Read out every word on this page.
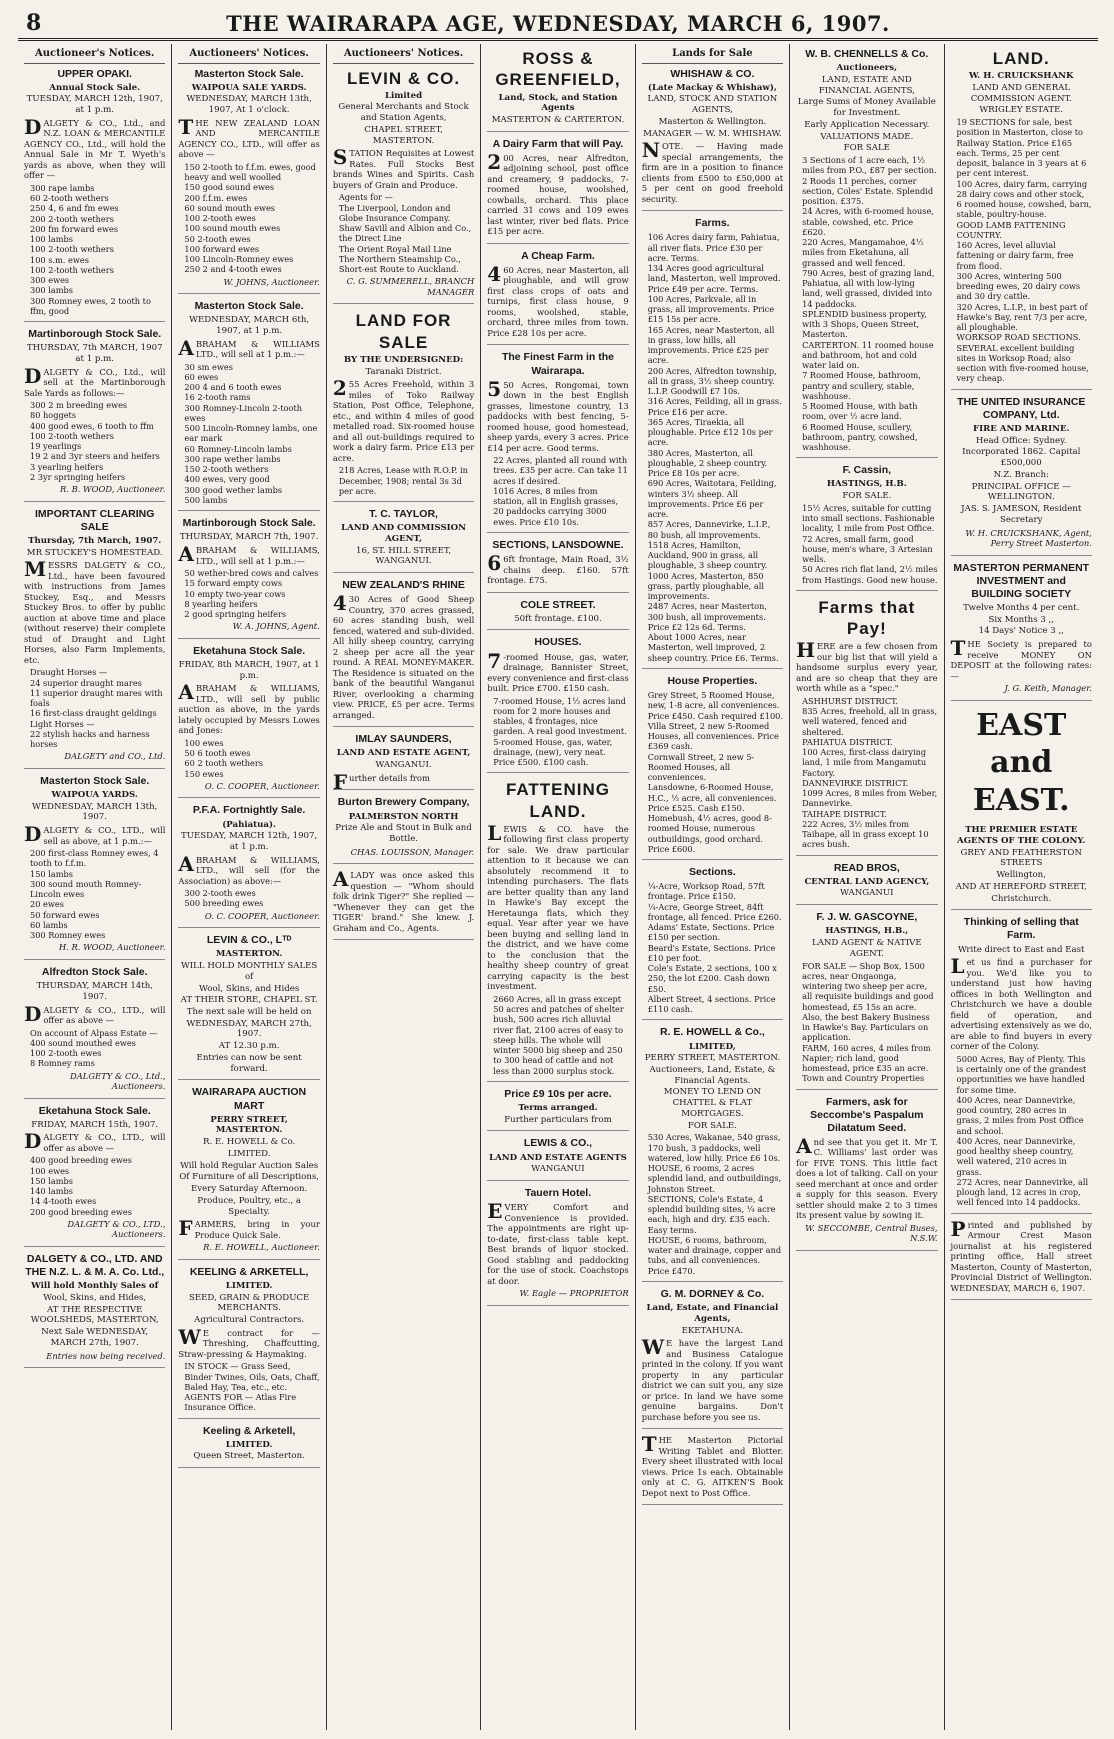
8	THE WAIRARAPA AGE, WEDNESDAY, MARCH 6, 1907.
Auctioneer's Notices.
UPPER OPAKI.
Annual Stock Sale.
TUESDAY, MARCH 12th, 1907, at 1 p.m.
DALGETY & CO., Ltd., and N.Z. LOAN & MERCANTILE AGENCY CO., Ltd., will hold the Annual Sale in Mr T. Wyeth's yards as above, when they will offer —
300 rape lambs
60 2-tooth wethers
250 4, 6 and fm ewes
200 2-tooth wethers
200 fm forward ewes
100 lambs
100 2-tooth wethers
100 s.m. ewes
100 2-tooth wethers
300 ewes
300 lambs
300 Romney ewes, 2 tooth to ffm, good
Martinborough Stock Sale.
THURSDAY, 7th MARCH, 1907 at 1 p.m.
DALGETY & CO., Ltd., will sell at the Martinborough Sale Yards as follows:—
300 2 m breeding ewes
80 hoggets
400 good ewes, 6 tooth to ffm
100 2-tooth wethers
19 yearlings
19 2 and 3yr steers and heifers
3 yearling heifers
2 3yr springing heifers
R. B. WOOD, Auctioneer.
IMPORTANT CLEARING SALE
Thursday, 7th March, 1907.
MR STUCKEY'S HOMESTEAD.
MESSRS DALGETY & CO., Ltd., have been favoured with instructions from James Stuckey, Esq., and Messrs Stuckey Bros. to offer by public auction at above time and place (without reserve) their complete stud of Draught and Light Horses, also Farm Implements, etc.
Draught Horses —
24 superior draught mares
11 superior draught mares with foals
16 first-class draught geldings
Light Horses —
22 stylish hacks and harness horses
DALGETY and CO., Ltd.
Masterton Stock Sale.
WAIPOUA YARDS.
WEDNESDAY, MARCH 13th, 1907.
DALGETY & CO., LTD., will sell as above, at 1 p.m.:—
200 first-class Romney ewes, 4 tooth to f.f.m.
150 lambs
300 sound mouth Romney-Lincoln ewes
20 ewes
50 forward ewes
60 lambs
300 Romney ewes
H. R. WOOD, Auctioneer.
Alfredton Stock Sale.
THURSDAY, MARCH 14th, 1907.
DALGETY & CO., LTD., will offer as above —
On account of Alpass Estate —
400 sound mouthed ewes
100 2-tooth ewes
8 Romney rams
DALGETY & CO., Ltd., Auctioneers.
Eketahuna Stock Sale.
FRIDAY, MARCH 15th, 1907.
DALGETY & CO., LTD., will offer as above —
400 good breeding ewes
100 ewes
150 lambs
140 lambs
14 4-tooth ewes
200 good breeding ewes
DALGETY & CO., LTD., Auctioneers.
DALGETY & CO., LTD. AND THE N.Z. L. & M. A. Co. Ltd.,
Will hold Monthly Sales of
Wool, Skins, and Hides,
AT THE RESPECTIVE WOOLSHEDS, MASTERTON,
Next Sale WEDNESDAY, MARCH 27th, 1907.
Entries now being received.
Auctioneers' Notices.
Masterton Stock Sale.
WAIPOUA SALE YARDS.
WEDNESDAY, MARCH 13th, 1907, At 1 o'clock.
THE NEW ZEALAND LOAN AND MERCANTILE AGENCY CO., LTD., will offer as above —
150 2-tooth to f.f.m. ewes, good heavy and well woolled
150 good sound ewes
200 f.f.m. ewes
60 sound mouth ewes
100 2-tooth ewes
100 sound mouth ewes
50 2-tooth ewes
100 forward ewes
100 Lincoln-Romney ewes
250 2 and 4-tooth ewes
W. JOHNS, Auctioneer.
Masterton Stock Sale.
WEDNESDAY, MARCH 6th, 1907, at 1 p.m.
ABRAHAM & WILLIAMS LTD., will sell at 1 p.m.:—
30 sm ewes
60 ewes
200 4 and 6 tooth ewes
16 2-tooth rams
300 Romney-Lincoln 2-tooth ewes
500 Lincoln-Romney lambs, one ear mark
60 Romney-Lincoln lambs
300 rape wether lambs
150 2-tooth wethers
400 ewes, very good
300 good wether lambs
500 lambs
Martinborough Stock Sale.
THURSDAY, MARCH 7th, 1907.
ABRAHAM & WILLIAMS, LTD., will sell at 1 p.m.:—
50 wether-bred cows and calves
15 forward empty cows
10 empty two-year cows
8 yearling heifers
2 good springing heifers
W. A. JOHNS, Agent.
Eketahuna Stock Sale.
FRIDAY, 8th MARCH, 1907, at 1 p.m.
ABRAHAM & WILLIAMS, LTD., will sell by public auction as above, in the yards lately occupied by Messrs Lowes and Jones:
100 ewes
50 6 tooth ewes
60 2 tooth wethers
150 ewes
O. C. COOPER, Auctioneer.
P.F.A. Fortnightly Sale.
(Pahiatua).
TUESDAY, MARCH 12th, 1907, at 1 p.m.
ABRAHAM & WILLIAMS, LTD., will sell (for the Association) as above:—
300 2-tooth ewes
500 breeding ewes
O. C. COOPER, Auctioneer.
LEVIN & CO., Lᵀᴰ
MASTERTON.
WILL HOLD MONTHLY SALES of
Wool, Skins, and Hides
AT THEIR STORE, CHAPEL ST.
The next sale will be held on
WEDNESDAY, MARCH 27th, 1907.
AT 12.30 p.m.
Entries can now be sent forward.
WAIRARAPA AUCTION MART
PERRY STREET, MASTERTON.
R. E. HOWELL & Co.
LIMITED.
Will hold Regular Auction Sales
Of Furniture of all Descriptions,
Every Saturday Afternoon.
Produce, Poultry, etc., a Specialty.
FARMERS, bring in your Produce Quick Sale.
R. E. HOWELL, Auctioneer.
KEELING & ARKETELL,
LIMITED.
SEED, GRAIN & PRODUCE MERCHANTS.
Agricultural Contractors.
WE contract for — Threshing, Chaffcutting, Straw-pressing & Haymaking.
IN STOCK — Grass Seed, Binder Twines, Oils, Oats, Chaff, Baled Hay, Tea, etc., etc.
AGENTS FOR — Atlas Fire Insurance Office.
Keeling & Arketell,
LIMITED.
Queen Street, Masterton.
Auctioneers' Notices.
LEVIN & CO.
Limited
General Merchants and Stock and Station Agents,
CHAPEL STREET, MASTERTON.
STATION Requisites at Lowest Rates. Full Stocks Best brands Wines and Spirits. Cash buyers of Grain and Produce.
Agents for —
The Liverpool, London and Globe Insurance Company.
Shaw Savill and Albion and Co., the Direct Line
The Orient Royal Mail Line
The Northern Steamship Co., Short-est Route to Auckland.
C. G. SUMMERELL, BRANCH MANAGER
LAND FOR SALE
BY THE UNDERSIGNED:
Taranaki District.
255 Acres Freehold, within 3 miles of Toko Railway Station, Post Office, Telephone, etc., and within 4 miles of good metalled road. Six-roomed house and all out-buildings required to work a dairy farm. Price £13 per acre.
218 Acres, Lease with R.O.P. in December, 1908; rental 3s 3d per acre.
T. C. TAYLOR,
LAND AND COMMISSION AGENT,
16, ST. HILL STREET, WANGANUI.
NEW ZEALAND'S RHINE
430 Acres of Good Sheep Country, 370 acres grassed, 60 acres standing bush, well fenced, watered and sub-divided. All hilly sheep country, carrying 2 sheep per acre all the year round. A REAL MONEY-MAKER. The Residence is situated on the bank of the beautiful Wanganui River, overlooking a charming view. PRICE, £5 per acre. Terms arranged.
IMLAY SAUNDERS,
LAND AND ESTATE AGENT,
WANGANUI.
Further details from
Burton Brewery Company,
PALMERSTON NORTH
Prize Ale and Stout in Bulk and Bottle.
CHAS. LOUISSON, Manager.
ALADY was once asked this question — "Whom should folk drink Tiger?" She replied — "Whenever they can get the TIGER' brand." She knew. J. Graham and Co., Agents.
ROSS & GREENFIELD,
Land, Stock, and Station Agents
MASTERTON & CARTERTON.
A Dairy Farm that will Pay.
200 Acres, near Alfredton, adjoining school, post office and creamery, 9 paddocks, 7-roomed house, woolshed, cowbails, orchard. This place carried 31 cows and 109 ewes last winter, river bed flats. Price £15 per acre.
A Cheap Farm.
460 Acres, near Masterton, all ploughable, and will grow first class crops of oats and turnips, first class house, 9 rooms, woolshed, stable, orchard, three miles from town. Price £28 10s per acre.
The Finest Farm in the Wairarapa.
550 Acres, Rongomai, town down in the best English grasses, limestone country, 13 paddocks with best fencing, 5-roomed house, good homestead, sheep yards, every 3 acres. Price £14 per acre. Good terms.
22 Acres, planted all round with trees. £35 per acre. Can take 11 acres if desired.
1016 Acres, 8 miles from station, all in English grasses, 20 paddocks carrying 3000 ewes. Price £10 10s.
SECTIONS, LANSDOWNE.
66ft frontage, Main Road, 3½ chains deep. £160. 57ft frontage. £75.
COLE STREET.
50ft frontage. £100.
HOUSES.
7-roomed House, gas, water, drainage, Bannister Street, every convenience and first-class built. Price £700. £150 cash.
7-roomed House, 1½ acres land room for 2 more houses and stables, 4 frontages, nice garden. A real good investment.
5-roomed House, gas, water, drainage, (new), very neat. Price £500. £100 cash.
FATTENING LAND.
LEWIS & CO. have the following first class property for sale. We draw particular attention to it because we can absolutely recommend it to intending purchasers. The flats are better quality than any land in Hawke's Bay except the Heretaunga flats, which they equal. Year after year we have been buying and selling land in the district, and we have come to the conclusion that the healthy sheep country of great carrying capacity is the best investment.
2660 Acres, all in grass except 50 acres and patches of shelter bush, 500 acres rich alluvial river flat, 2100 acres of easy to steep hills. The whole will winter 5000 big sheep and 250 to 300 head of cattle and not less than 2000 surplus stock.
Price £9 10s per acre.
Terms arranged.
Further particulars from
LEWIS & CO.,
LAND AND ESTATE AGENTS
WANGANUI
Tauern Hotel.
EVERY Comfort and Convenience is provided. The appointments are right up-to-date, first-class table kept. Best brands of liquor stocked. Good stabling and paddocking for the use of stock. Coachstops at door.
W. Eagle — PROPRIETOR
Lands for Sale
WHISHAW & CO.
(Late Mackay & Whishaw),
LAND, STOCK AND STATION AGENTS,
Masterton & Wellington.
MANAGER — W. M. WHISHAW.
NOTE. — Having made special arrangements, the firm are in a position to finance clients from £500 to £50,000 at 5 per cent on good freehold security.
Farms.
106 Acres dairy farm, Pahiatua, all river flats. Price £30 per acre. Terms.
134 Acres good agricultural land, Masterton, well improved. Price £49 per acre. Terms.
100 Acres, Parkvale, all in grass, all improvements. Price £15 15s per acre.
165 Acres, near Masterton, all in grass, low hills, all improvements. Price £25 per acre.
200 Acres, Alfredton township, all in grass, 3½ sheep country. L.I.P. Goodwill £7 10s.
316 Acres, Feilding, all in grass. Price £16 per acre.
365 Acres, Tiraekia, all ploughable. Price £12 10s per acre.
380 Acres, Masterton, all ploughable, 2 sheep country. Price £8 10s per acre.
690 Acres, Waitotara, Feilding, winters 3½ sheep. All improvements. Price £6 per acre.
857 Acres, Dannevirke, L.I.P., 80 bush, all improvements.
1518 Acres, Hamilton, Auckland, 900 in grass, all ploughable, 3 sheep country.
1000 Acres, Masterton, 850 grass, partly ploughable, all improvements.
2487 Acres, near Masterton, 300 bush, all improvements. Price £2 12s 6d. Terms.
About 1000 Acres, near Masterton, well improved, 2 sheep country. Price £6. Terms.
House Properties.
Grey Street, 5 Roomed House, new, 1-8 acre, all conveniences. Price £450. Cash required £100.
Villa Street, 2 new 5-Roomed Houses, all conveniences. Price £369 cash.
Cornwall Street, 2 new 5-Roomed Houses, all conveniences.
Lansdowne, 6-Roomed House, H.C., ½ acre, all conveniences. Price £525. Cash £150.
Homebush, 4½ acres, good 8-roomed House, numerous outbuildings, good orchard. Price £600.
Sections.
¼-Acre, Worksop Road, 57ft frontage. Price £150.
¼-Acre, George Street, 84ft frontage, all fenced. Price £260.
Adams' Estate, Sections. Price £150 per section.
Beard's Estate, Sections. Price £10 per foot.
Cole's Estate, 2 sections, 100 x 250, the lot £200. Cash down £50.
Albert Street, 4 sections. Price £110 cash.
R. E. HOWELL & Co.,
LIMITED,
PERRY STREET, MASTERTON.
Auctioneers, Land, Estate, & Financial Agents.
MONEY TO LEND ON CHATTEL & FLAT MORTGAGES.
FOR SALE.
530 Acres, Wakanae, 540 grass, 170 bush, 3 paddocks, well watered, low hilly. Price £6 10s.
HOUSE, 6 rooms, 2 acres splendid land, and outbuildings, Johnston Street.
SECTIONS, Cole's Estate, 4 splendid building sites, ¼ acre each, high and dry. £35 each. Easy terms.
HOUSE, 6 rooms, bathroom, water and drainage, copper and tubs, and all conveniences. Price £470.
G. M. DORNEY & Co.
Land, Estate, and Financial Agents,
EKETAHUNA.
WE have the largest Land and Business Catalogue printed in the colony. If you want property in any particular district we can suit you, any size or price. In land we have some genuine bargains. Don't purchase before you see us.
THE Masterton Pictorial Writing Tablet and Blotter. Every sheet illustrated with local views. Price 1s each. Obtainable only at C. G. AITKEN'S Book Depot next to Post Office.
W. B. CHENNELLS & Co.
Auctioneers,
LAND, ESTATE AND FINANCIAL AGENTS,
Large Sums of Money Available for Investment.
Early Application Necessary.
VALUATIONS MADE.
FOR SALE
3 Sections of 1 acre each, 1½ miles from P.O., £87 per section.
2 Roods 11 perches, corner section, Coles' Estate. Splendid position. £375.
24 Acres, with 6-roomed house, stable, cowshed, etc. Price £620.
220 Acres, Mangamahoe, 4½ miles from Eketahuna, all grassed and well fenced.
790 Acres, best of grazing land, Pahiatua, all with low-lying land, well grassed, divided into 14 paddocks.
SPLENDID business property, with 3 Shops, Queen Street, Masterton.
CARTERTON. 11 roomed house and bathroom, hot and cold water laid on.
7 Roomed House, bathroom, pantry and scullery, stable, washhouse.
5 Roomed House, with bath room, over ½ acre land.
6 Roomed House, scullery, bathroom, pantry, cowshed, washhouse.
F. Cassin,
HASTINGS, H.B.
FOR SALE.
15½ Acres, suitable for cutting into small sections. Fashionable locality, 1 mile from Post Office.
72 Acres, small farm, good house, men's whare, 3 Artesian wells.
50 Acres rich flat land, 2½ miles from Hastings. Good new house.
Farms that Pay!
HERE are a few chosen from our big list that will yield a handsome surplus every year, and are so cheap that they are worth while as a "spec."
ASHHURST DISTRICT.
835 Acres, freehold, all in grass, well watered, fenced and sheltered.
PAHIATUA DISTRICT.
100 Acres, first-class dairying land, 1 mile from Mangamutu Factory.
DANNEVIRKE DISTRICT.
1099 Acres, 8 miles from Weber, Dannevirke.
TAIHAPE DISTRICT.
222 Acres, 3½ miles from Taihape, all in grass except 10 acres bush.
READ BROS,
CENTRAL LAND AGENCY,
WANGANUI
F. J. W. GASCOYNE,
HASTINGS, H.B.,
LAND AGENT & NATIVE AGENT.
FOR SALE — Shop Box, 1500 acres, near Ongaonga, wintering two sheep per acre, all requisite buildings and good homestead, £5 15s an acre.
Also, the best Bakery Business in Hawke's Bay. Particulars on application.
FARM, 160 acres, 4 miles from Napier; rich land, good homestead, price £35 an acre.
Town and Country Properties
Farmers, ask for Seccombe's Paspalum Dilatatum Seed.
And see that you get it. Mr T. C. Williams' last order was for FIVE TONS. This little fact does a lot of talking. Call on your seed merchant at once and order a supply for this season. Every settler should make 2 to 3 times its present value by sowing it.
W. SECCOMBE, Central Buses, N.S.W.
LAND.
W. H. CRUICKSHANK
LAND AND GENERAL COMMISSION AGENT.
WRIGLEY ESTATE.
19 SECTIONS for sale, best position in Masterton, close to Railway Station. Price £165 each. Terms, 25 per cent deposit, balance in 3 years at 6 per cent interest.
100 Acres, dairy farm, carrying 28 dairy cows and other stock, 6 roomed house, cowshed, barn, stable, poultry-house.
GOOD LAMB FATTENING COUNTRY.
160 Acres, level alluvial fattening or dairy farm, free from flood.
300 Acres, wintering 500 breeding ewes, 20 dairy cows and 30 dry cattle.
320 Acres, L.I.P., in best part of Hawke's Bay, rent 7/3 per acre, all ploughable.
WORKSOP ROAD SECTIONS.
SEVERAL excellent building sites in Worksop Road; also section with five-roomed house, very cheap.
THE UNITED INSURANCE COMPANY, Ltd.
FIRE AND MARINE.
Head Office: Sydney.
Incorporated 1862. Capital £500,000
N.Z. Branch:
PRINCIPAL OFFICE — WELLINGTON.
JAS. S. JAMESON, Resident Secretary
W. H. CRUICKSHANK, Agent, Perry Street Masterton.
MASTERTON PERMANENT INVESTMENT and BUILDING SOCIETY
Twelve Months 4 per cent.
Six Months 3 ,,
14 Days' Notice 3 ,,
THE Society is prepared to receive MONEY ON DEPOSIT at the following rates:—
J. G. Keith, Manager.
EAST and EAST.
THE PREMIER ESTATE AGENTS OF THE COLONY.
GREY AND FEATHERSTON STREETS
Wellington,
AND AT HEREFORD STREET,
Christchurch.
Thinking of selling that Farm.
Write direct to East and East
Let us find a purchaser for you. We'd like you to understand just how having offices in both Wellington and Christchurch we have a double field of operation, and advertising extensively as we do, are able to find buyers in every corner of the Colony.
5000 Acres, Bay of Plenty. This is certainly one of the grandest opportunities we have handled for some time.
400 Acres, near Dannevirke, good country, 280 acres in grass, 2 miles from Post Office and school.
400 Acres, near Dannevirke, good healthy sheep country, well watered, 210 acres in grass.
272 Acres, near Dannevirke, all plough land, 12 acres in crop, well fenced into 14 paddocks.
Printed and published by Armour Crest Mason journalist at his registered printing office, Hall street Masterton, County of Masterton, Provincial District of Wellington. WEDNESDAY, MARCH 6, 1907.
